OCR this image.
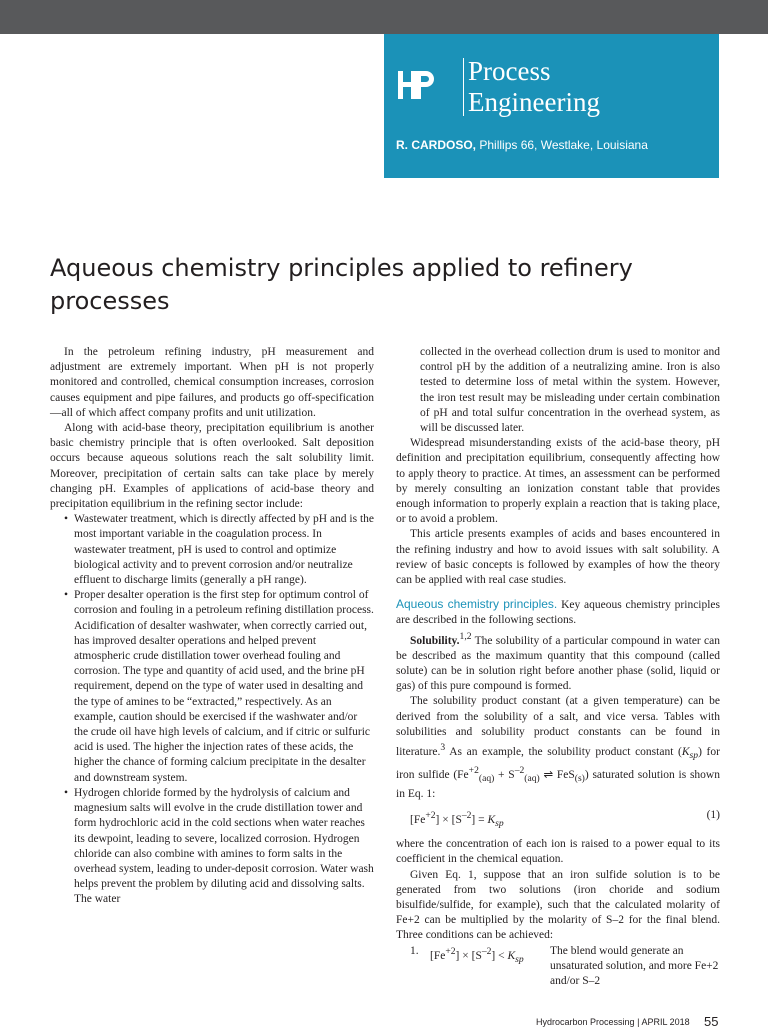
Process
Engineering
R. CARDOSO, Phillips 66, Westlake, Louisiana
Aqueous chemistry principles applied to refinery processes

In the petroleum refining industry, pH measurement and adjustment are extremely important. When pH is not properly monitored and controlled, chemical consumption increases, corrosion causes equipment and pipe failures, and products go off-specification—all of which affect company profits and unit utilization.

Along with acid-base theory, precipitation equilibrium is another basic chemistry principle that is often overlooked. Salt deposition occurs because aqueous solutions reach the salt solubility limit. Moreover, precipitation of certain salts can take place by merely changing pH. Examples of applications of acid-base theory and precipitation equilibrium in the refining sector include:

• Wastewater treatment, which is directly affected by pH and is the most important variable in the coagulation process. In wastewater treatment, pH is used to control and optimize biological activity and to prevent corrosion and/or neutralize effluent to discharge limits (generally a pH range).
• Proper desalter operation is the first step for optimum control of corrosion and fouling in a petroleum refining distillation process. Acidification of desalter washwater, when correctly carried out, has improved desalter operations and helped prevent atmospheric crude distillation tower overhead fouling and corrosion. The type and quantity of acid used, and the brine pH requirement, depend on the type of water used in desalting and the type of amines to be “extracted,” respectively. As an example, caution should be exercised if the washwater and/or the crude oil have high levels of calcium, and if citric or sulfuric acid is used. The higher the injection rates of these acids, the higher the chance of forming calcium precipitate in the desalter and downstream system.
• Hydrogen chloride formed by the hydrolysis of calcium and magnesium salts will evolve in the crude distillation tower and form hydrochloric acid in the cold sections when water reaches its dewpoint, leading to severe, localized corrosion. Hydrogen chloride can also combine with amines to form salts in the overhead system, leading to under-deposit corrosion. Water wash helps prevent the problem by diluting acid and dissolving salts. The water

collected in the overhead collection drum is used to monitor and control pH by the addition of a neutralizing amine. Iron is also tested to determine loss of metal within the system. However, the iron test result may be misleading under certain combination of pH and total sulfur concentration in the overhead system, as will be discussed later.

Widespread misunderstanding exists of the acid-base theory, pH definition and precipitation equilibrium, consequently affecting how to apply theory to practice. At times, an assessment can be performed by merely consulting an ionization constant table that provides enough information to properly explain a reaction that is taking place, or to avoid a problem.

This article presents examples of acids and bases encountered in the refining industry and how to avoid issues with salt solubility. A review of basic concepts is followed by examples of how the theory can be applied with real case studies.

Aqueous chemistry principles. Key aqueous chemistry principles are described in the following sections.

Solubility.$^{1,2}$ The solubility of a particular compound in water can be described as the maximum quantity that this compound (called solute) can be in solution right before another phase (solid, liquid or gas) of this pure compound is formed.

The solubility product constant (at a given temperature) can be derived from the solubility of a salt, and vice versa. Tables with solubilities and solubility product constants can be found in literature.$^3$ As an example, the solubility product constant $(K_{sp})$ for iron sulfide ($Fe^{+2}_{(aq)} + S^{-2}_{(aq)}$ ⇌ FeS$_{(s)}$) saturated solution is shown in Eq. 1:

$[Fe^{+2}] \times [S^{-2}] = K_{sp}$
(1)

where the concentration of each ion is raised to a power equal to its coefficient in the chemical equation.

Given Eq. 1, suppose that an iron sulfide solution is to be generated from two solutions (iron choride and sodium bisulfide/sulfide, for example), such that the calculated molarity of Fe+2 can be multiplied by the molarity of S–2 for the final blend. Three conditions can be achieved:

1. $[Fe^{+2}] \times [S^{-2}] < K_{sp}$
The blend would generate an unsaturated solution, and more Fe+2 and/or S–2
Hydrocarbon Processing | APRIL 2018 55
